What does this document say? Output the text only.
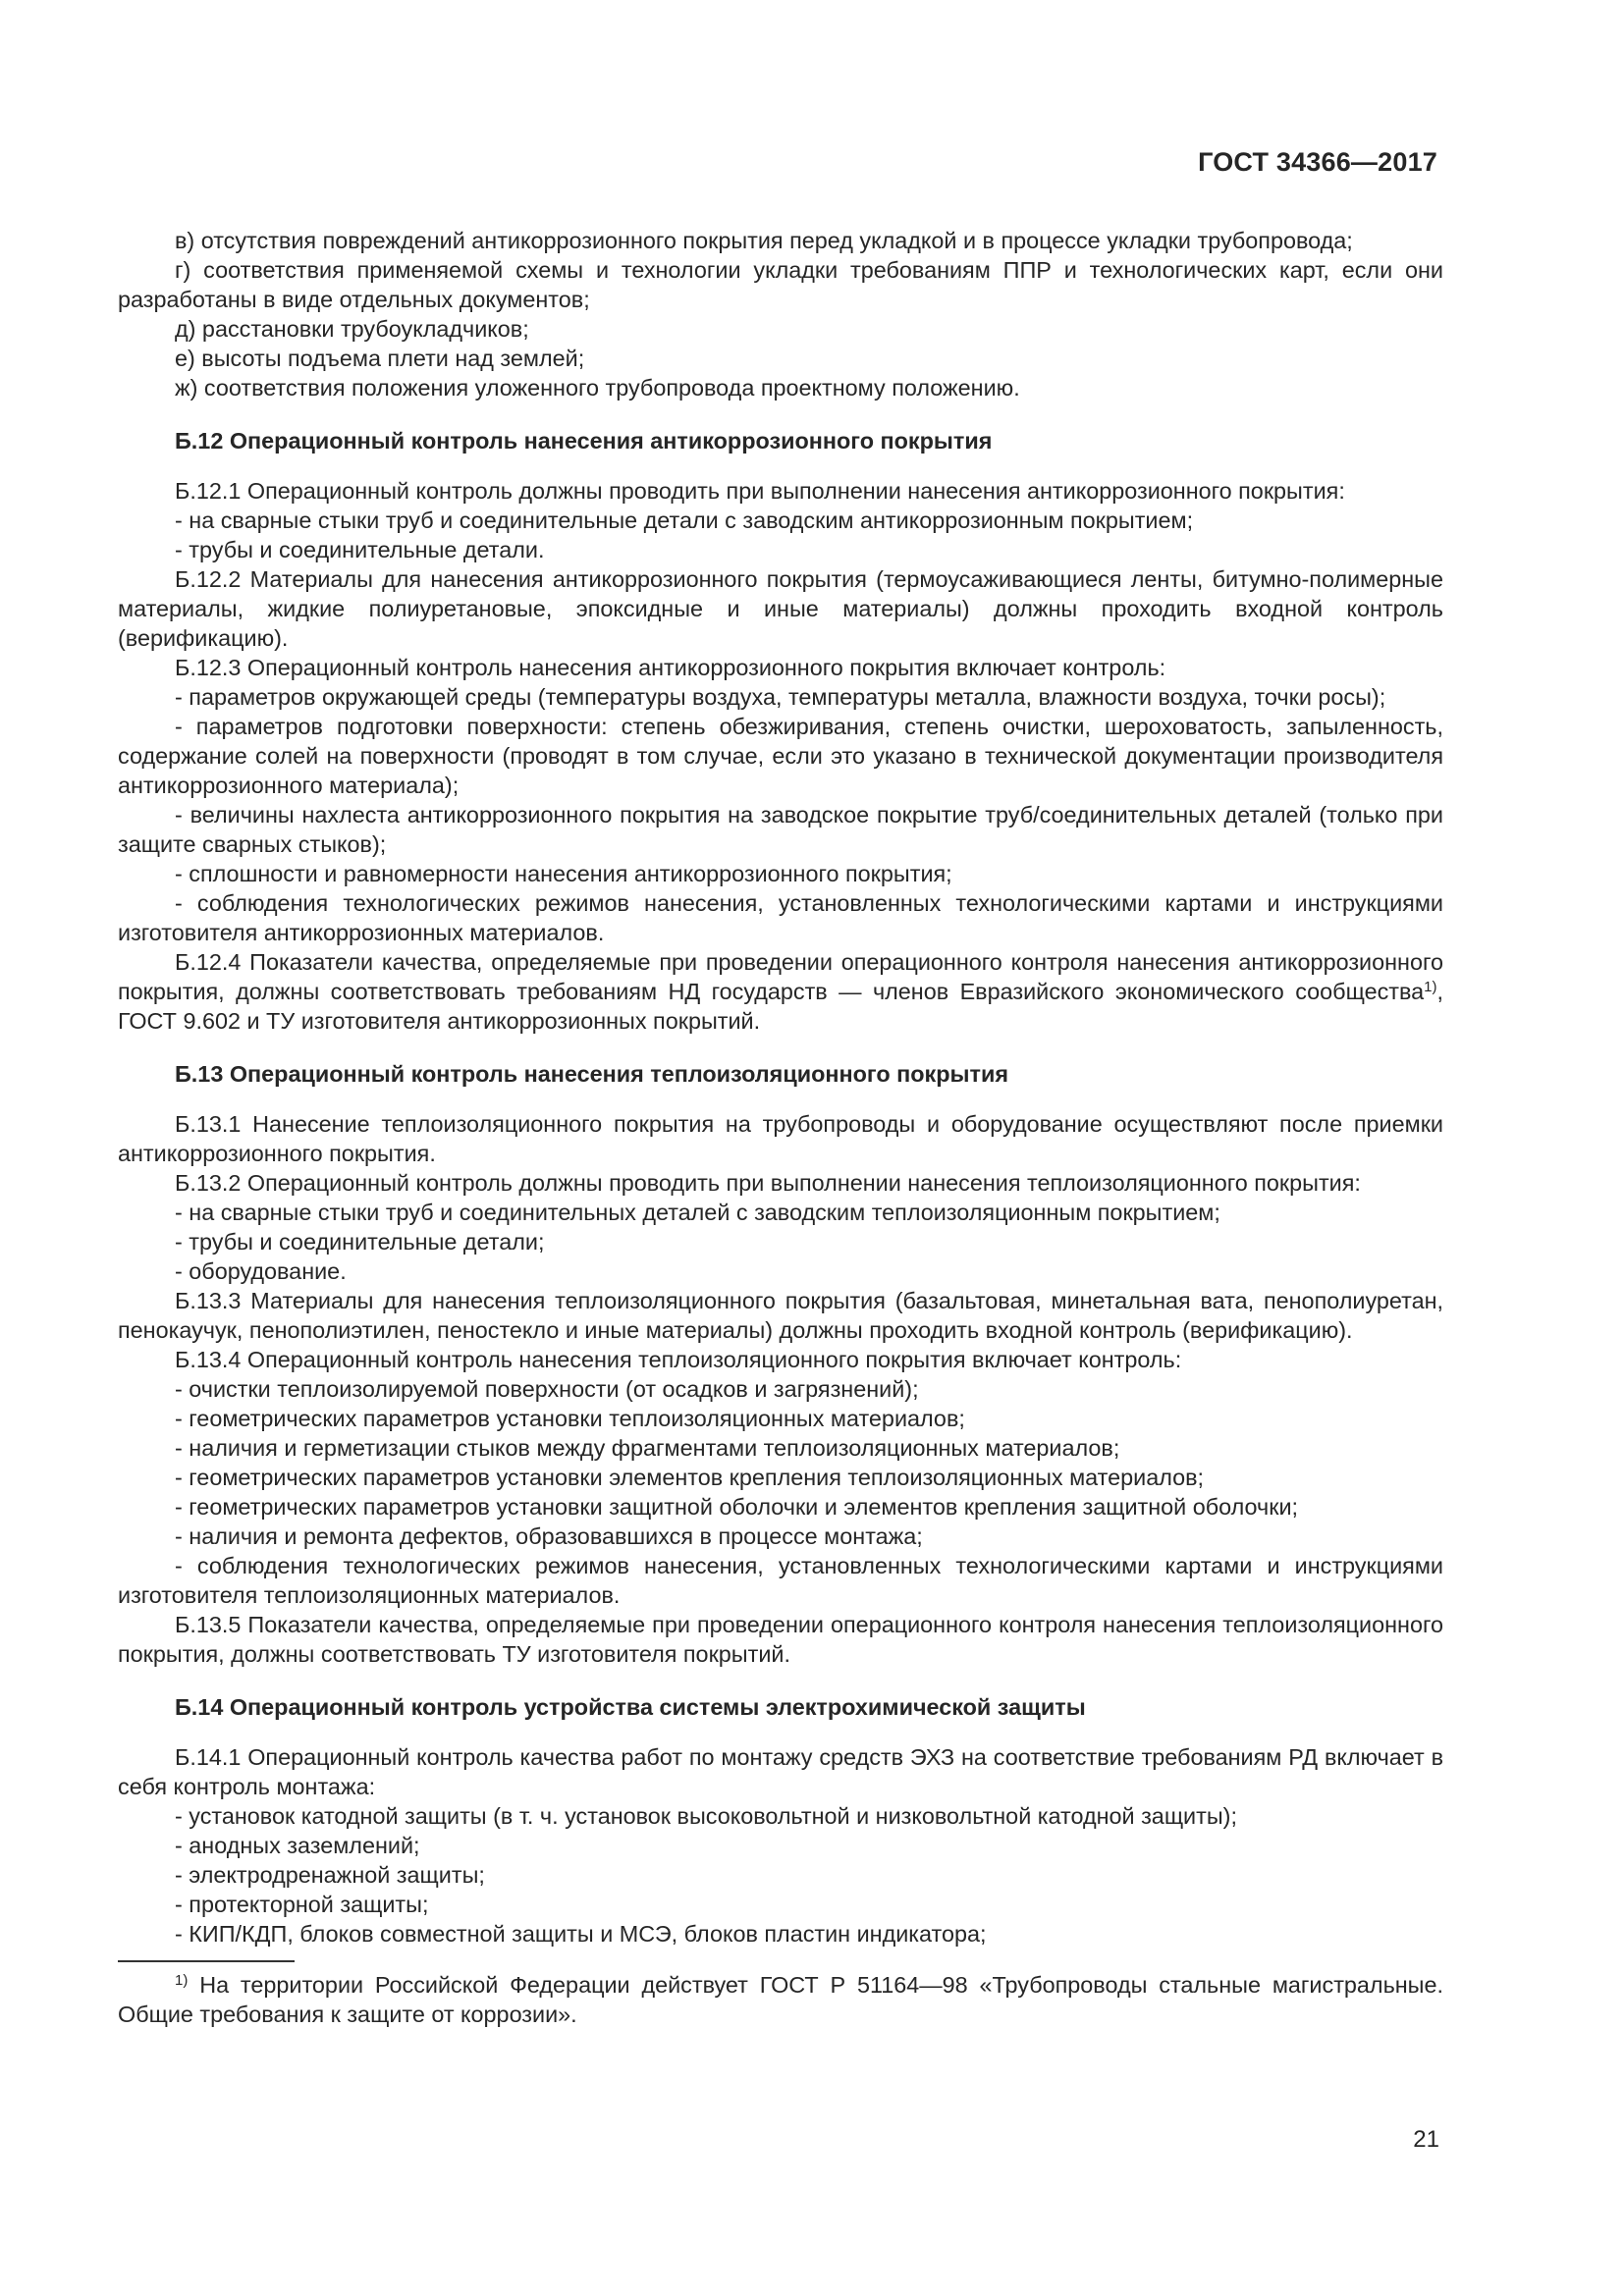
ГОСТ 34366—2017

в) отсутствия повреждений антикоррозионного покрытия перед укладкой и в процессе укладки трубопровода;

г) соответствия применяемой схемы и технологии укладки требованиям ППР и технологических карт, если они разработаны в виде отдельных документов;

д) расстановки трубоукладчиков;

е) высоты подъема плети над землей;

ж) соответствия положения уложенного трубопровода проектному положению.

Б.12 Операционный контроль нанесения антикоррозионного покрытия

Б.12.1 Операционный контроль должны проводить при выполнении нанесения антикоррозионного покрытия:

- на сварные стыки труб и соединительные детали с заводским антикоррозионным покрытием;

- трубы и соединительные детали.

Б.12.2 Материалы для нанесения антикоррозионного покрытия (термоусаживающиеся ленты, битумно-полимерные материалы, жидкие полиуретановые, эпоксидные и иные материалы) должны проходить входной контроль (верификацию).

Б.12.3 Операционный контроль нанесения антикоррозионного покрытия включает контроль:

- параметров окружающей среды (температуры воздуха, температуры металла, влажности воздуха, точки росы);

- параметров подготовки поверхности: степень обезжиривания, степень очистки, шероховатость, запыленность, содержание солей на поверхности (проводят в том случае, если это указано в технической документации производителя антикоррозионного материала);

- величины нахлеста антикоррозионного покрытия на заводское покрытие труб/соединительных деталей (только при защите сварных стыков);

- сплошности и равномерности нанесения антикоррозионного покрытия;

- соблюдения технологических режимов нанесения, установленных технологическими картами и инструкциями изготовителя антикоррозионных материалов.

Б.12.4 Показатели качества, определяемые при проведении операционного контроля нанесения антикоррозионного покрытия, должны соответствовать требованиям НД государств — членов Евразийского экономического сообщества$^{1)}$, ГОСТ 9.602 и ТУ изготовителя антикоррозионных покрытий.

Б.13 Операционный контроль нанесения теплоизоляционного покрытия

Б.13.1 Нанесение теплоизоляционного покрытия на трубопроводы и оборудование осуществляют после приемки антикоррозионного покрытия.

Б.13.2 Операционный контроль должны проводить при выполнении нанесения теплоизоляционного покрытия:

- на сварные стыки труб и соединительных деталей с заводским теплоизоляционным покрытием;

- трубы и соединительные детали;

- оборудование.

Б.13.3 Материалы для нанесения теплоизоляционного покрытия (базальтовая, минетальная вата, пенополиуретан, пенокаучук, пенополиэтилен, пеностекло и иные материалы) должны проходить входной контроль (верификацию).

Б.13.4 Операционный контроль нанесения теплоизоляционного покрытия включает контроль:

- очистки теплоизолируемой поверхности (от осадков и загрязнений);

- геометрических параметров установки теплоизоляционных материалов;

- наличия и герметизации стыков между фрагментами теплоизоляционных материалов;

- геометрических параметров установки элементов крепления теплоизоляционных материалов;

- геометрических параметров установки защитной оболочки и элементов крепления защитной оболочки;

- наличия и ремонта дефектов, образовавшихся в процессе монтажа;

- соблюдения технологических режимов нанесения, установленных технологическими картами и инструкциями изготовителя теплоизоляционных материалов.

Б.13.5 Показатели качества, определяемые при проведении операционного контроля нанесения теплоизоляционного покрытия, должны соответствовать ТУ изготовителя покрытий.

Б.14 Операционный контроль устройства системы электрохимической защиты

Б.14.1 Операционный контроль качества работ по монтажу средств ЭХЗ на соответствие требованиям РД включает в себя контроль монтажа:

- установок катодной защиты (в т. ч. установок высоковольтной и низковольтной катодной защиты);

- анодных заземлений;

- электродренажной защиты;

- протекторной защиты;

- КИП/КДП, блоков совместной защиты и МСЭ, блоков пластин индикатора;

$^{1)}$ На территории Российской Федерации действует ГОСТ Р 51164—98 «Трубопроводы стальные магистральные. Общие требования к защите от коррозии».

21
